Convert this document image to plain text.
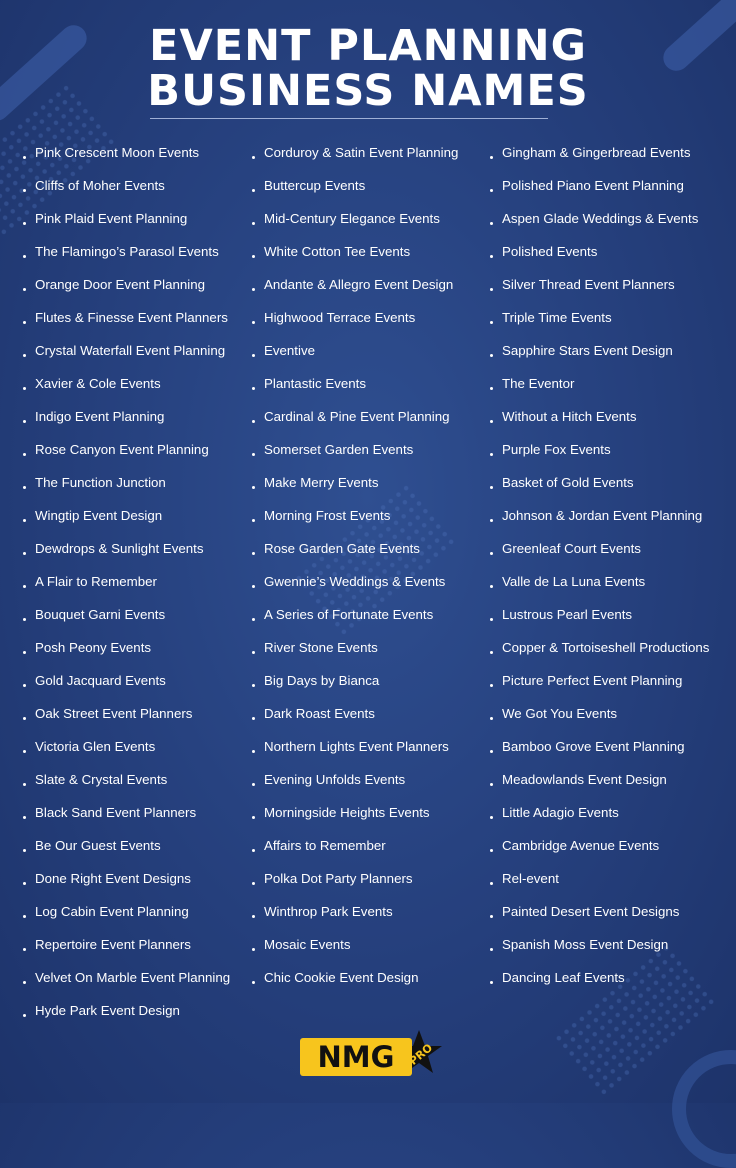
EVENT PLANNING
BUSINESS NAMES
Pink Crescent Moon Events
Cliffs of Moher Events
Pink Plaid Event Planning
The Flamingo’s Parasol Events
Orange Door Event Planning
Flutes & Finesse Event Planners
Crystal Waterfall Event Planning
Xavier & Cole Events
Indigo Event Planning
Rose Canyon Event Planning
The Function Junction
Wingtip Event Design
Dewdrops & Sunlight Events
A Flair to Remember
Bouquet Garni Events
Posh Peony Events
Gold Jacquard Events
Oak Street Event Planners
Victoria Glen Events
Slate & Crystal Events
Black Sand Event Planners
Be Our Guest Events
Done Right Event Designs
Log Cabin Event Planning
Repertoire Event Planners
Velvet On Marble Event Planning
Hyde Park Event Design
Corduroy & Satin Event Planning
Buttercup Events
Mid-Century Elegance Events
White Cotton Tee Events
Andante & Allegro Event Design
Highwood Terrace Events
Eventive
Plantastic Events
Cardinal & Pine Event Planning
Somerset Garden Events
Make Merry Events
Morning Frost Events
Rose Garden Gate Events
Gwennie’s Weddings & Events
A Series of Fortunate Events
River Stone Events
Big Days by Bianca
Dark Roast Events
Northern Lights Event Planners
Evening Unfolds Events
Morningside Heights Events
Affairs to Remember
Polka Dot Party Planners
Winthrop Park Events
Mosaic Events
Chic Cookie Event Design
Gingham & Gingerbread Events
Polished Piano Event Planning
Aspen Glade Weddings & Events
Polished Events
Silver Thread Event Planners
Triple Time Events
Sapphire Stars Event Design
The Eventor
Without a Hitch Events
Purple Fox Events
Basket of Gold Events
Johnson & Jordan Event Planning
Greenleaf Court Events
Valle de La Luna Events
Lustrous Pearl Events
Copper & Tortoiseshell Productions
Picture Perfect Event Planning
We Got You Events
Bamboo Grove Event Planning
Meadowlands Event Design
Little Adagio Events
Cambridge Avenue Events
Rel-event
Painted Desert Event Designs
Spanish Moss Event Design
Dancing Leaf Events
NMG	PRO
